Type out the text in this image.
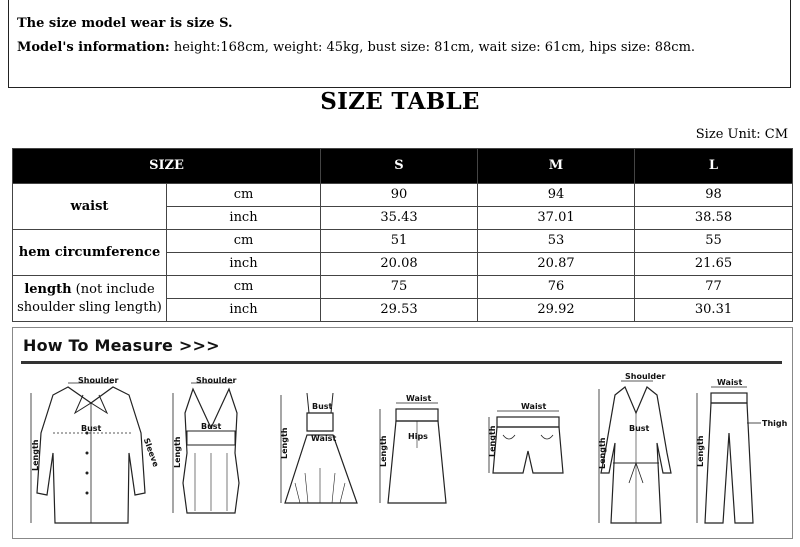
The size model wear is size S.
Model's information: height:168cm, weight: 45kg, bust size: 81cm, wait size: 61cm, hips size: 88cm.
SIZE TABLE
Size Unit: CM
SIZE		S	M	L
waist	cm	90	94	98
	inch	35.43	37.01	38.58
hem circumference	cm	51	53	55
	inch	20.08	20.87	21.65
length (not include shoulder sling length)	cm	75	76	77
	inch	29.53	29.92	30.31
How To Measure >>>
Shoulder
Bust
Length	Sleeve
Shoulder
Bust
Length
Bust
Waist
Length
Waist
Hips
Length
Waist
Length
Shoulder
Bust
Length
Waist
Thigh
Length
